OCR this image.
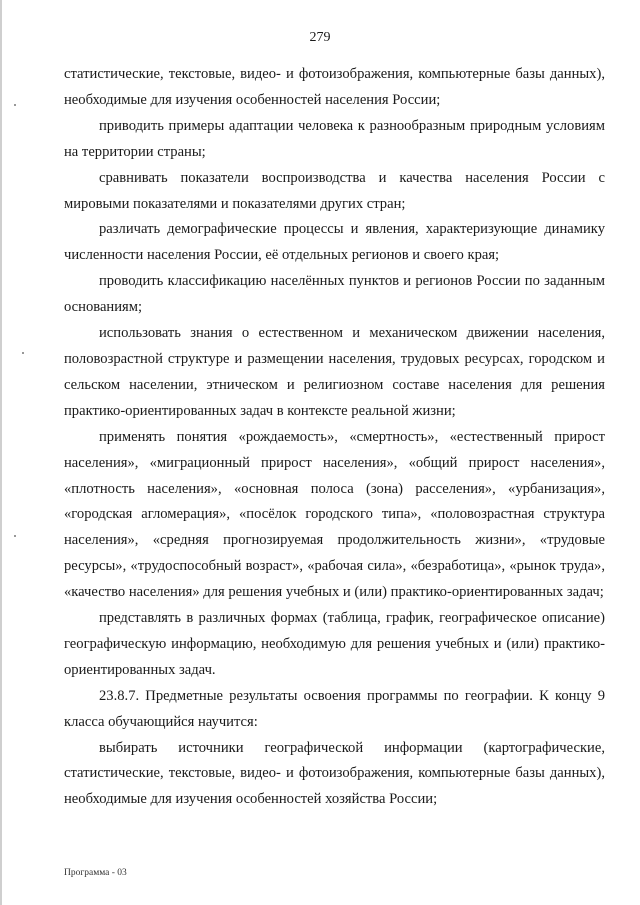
279

статистические, текстовые, видео- и фотоизображения, компьютерные базы данных), необходимые для изучения особенностей населения России;

приводить примеры адаптации человека к разнообразным природным условиям на территории страны;

сравнивать показатели воспроизводства и качества населения России с мировыми показателями и показателями других стран;

различать демографические процессы и явления, характеризующие динамику численности населения России, её отдельных регионов и своего края;

проводить классификацию населённых пунктов и регионов России по заданным основаниям;

использовать знания о естественном и механическом движении населения, половозрастной структуре и размещении населения, трудовых ресурсах, городском и сельском населении, этническом и религиозном составе населения для решения практико-ориентированных задач в контексте реальной жизни;

применять понятия «рождаемость», «смертность», «естественный прирост населения», «миграционный прирост населения», «общий прирост населения», «плотность населения», «основная полоса (зона) расселения», «урбанизация», «городская агломерация», «посёлок городского типа», «половозрастная структура населения», «средняя прогнозируемая продолжительность жизни», «трудовые ресурсы», «трудоспособный возраст», «рабочая сила», «безработица», «рынок труда», «качество населения» для решения учебных и (или) практико-ориентированных задач;

представлять в различных формах (таблица, график, географическое описание) географическую информацию, необходимую для решения учебных и (или) практико-ориентированных задач.

23.8.7. Предметные результаты освоения программы по географии. К концу 9 класса обучающийся научится:

выбирать источники географической информации (картографические, статистические, текстовые, видео- и фотоизображения, компьютерные базы данных), необходимые для изучения особенностей хозяйства России;

Программа - 03
